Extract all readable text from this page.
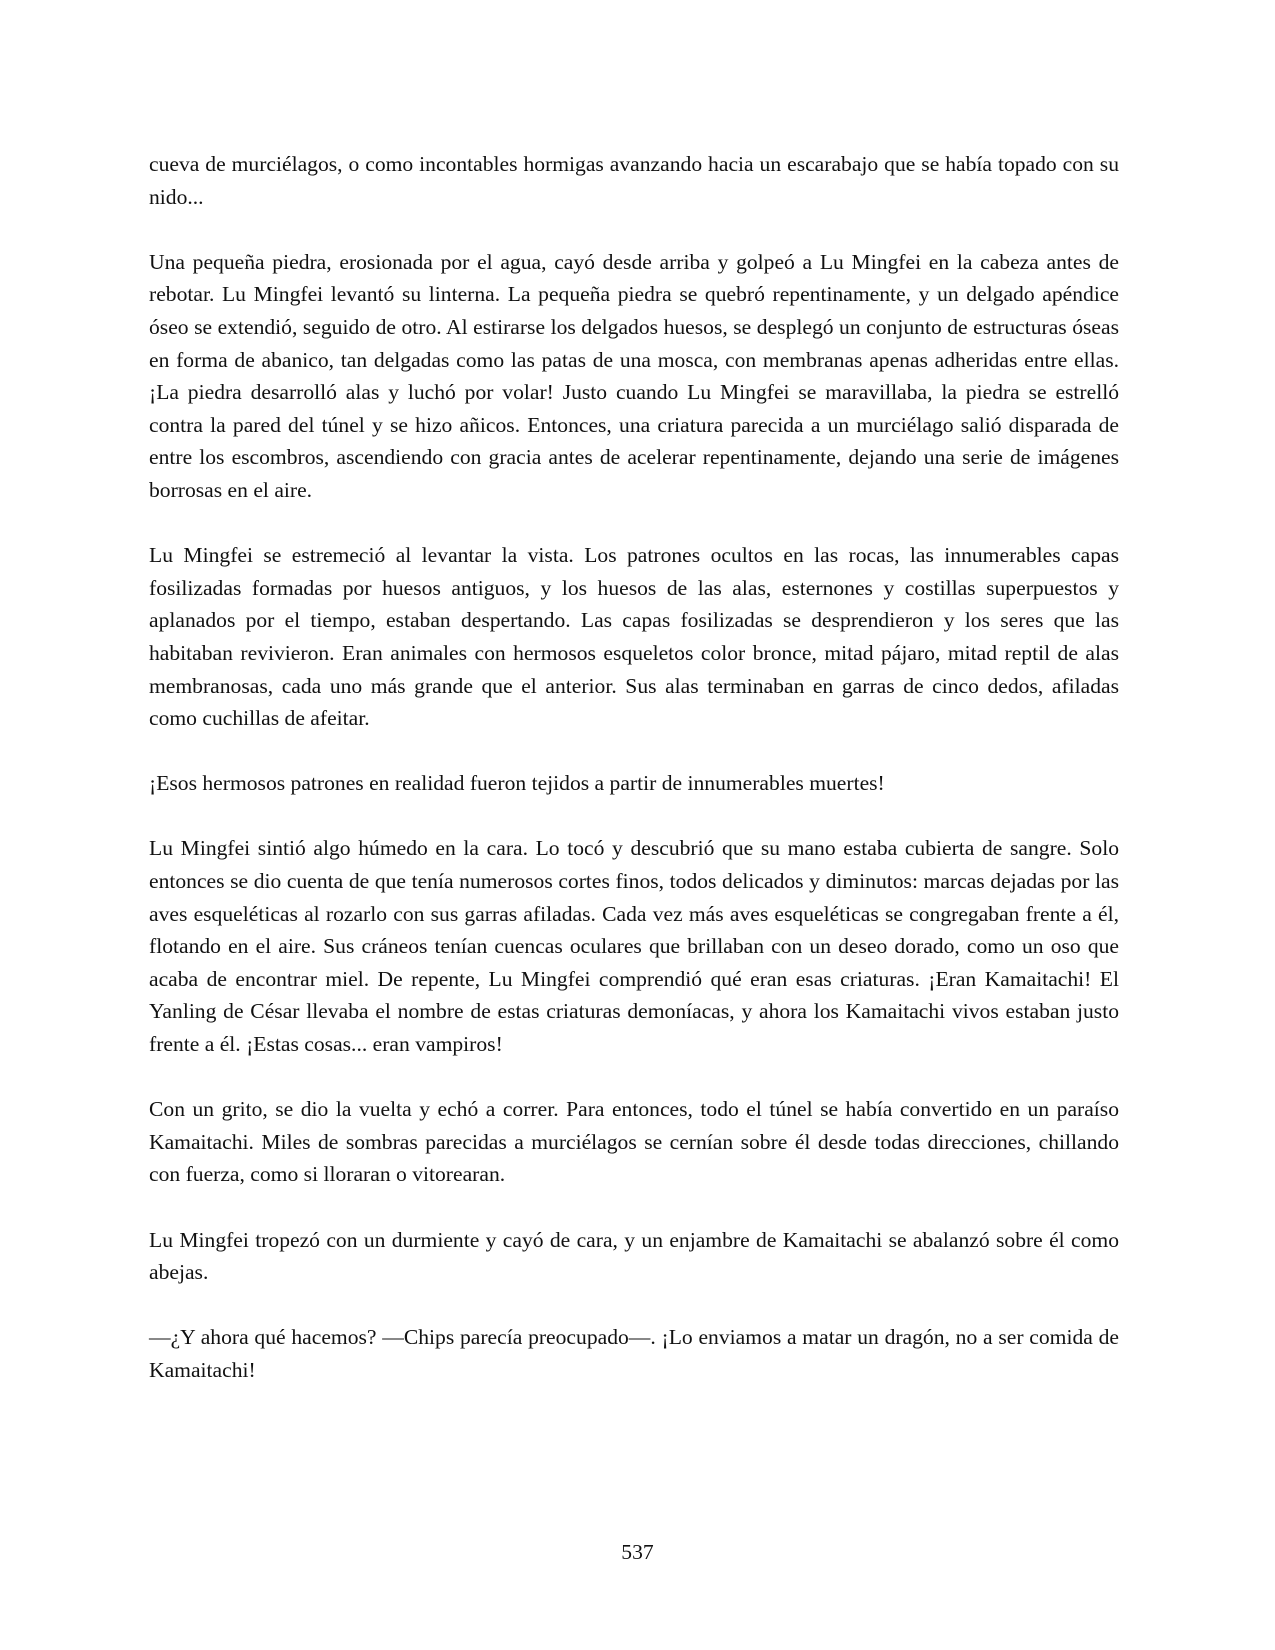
cueva de murciélagos, o como incontables hormigas avanzando hacia un escarabajo que se había topado con su nido...

Una pequeña piedra, erosionada por el agua, cayó desde arriba y golpeó a Lu Mingfei en la cabeza antes de rebotar. Lu Mingfei levantó su linterna. La pequeña piedra se quebró repentinamente, y un delgado apéndice óseo se extendió, seguido de otro. Al estirarse los delgados huesos, se desplegó un conjunto de estructuras óseas en forma de abanico, tan delgadas como las patas de una mosca, con membranas apenas adheridas entre ellas. ¡La piedra desarrolló alas y luchó por volar! Justo cuando Lu Mingfei se maravillaba, la piedra se estrelló contra la pared del túnel y se hizo añicos. Entonces, una criatura parecida a un murciélago salió disparada de entre los escombros, ascendiendo con gracia antes de acelerar repentinamente, dejando una serie de imágenes borrosas en el aire.

Lu Mingfei se estremeció al levantar la vista. Los patrones ocultos en las rocas, las innumerables capas fosilizadas formadas por huesos antiguos, y los huesos de las alas, esternones y costillas superpuestos y aplanados por el tiempo, estaban despertando. Las capas fosilizadas se desprendieron y los seres que las habitaban revivieron. Eran animales con hermosos esqueletos color bronce, mitad pájaro, mitad reptil de alas membranosas, cada uno más grande que el anterior. Sus alas terminaban en garras de cinco dedos, afiladas como cuchillas de afeitar.

¡Esos hermosos patrones en realidad fueron tejidos a partir de innumerables muertes!

Lu Mingfei sintió algo húmedo en la cara. Lo tocó y descubrió que su mano estaba cubierta de sangre. Solo entonces se dio cuenta de que tenía numerosos cortes finos, todos delicados y diminutos: marcas dejadas por las aves esqueléticas al rozarlo con sus garras afiladas. Cada vez más aves esqueléticas se congregaban frente a él, flotando en el aire. Sus cráneos tenían cuencas oculares que brillaban con un deseo dorado, como un oso que acaba de encontrar miel. De repente, Lu Mingfei comprendió qué eran esas criaturas. ¡Eran Kamaitachi! El Yanling de César llevaba el nombre de estas criaturas demoníacas, y ahora los Kamaitachi vivos estaban justo frente a él. ¡Estas cosas... eran vampiros!

Con un grito, se dio la vuelta y echó a correr. Para entonces, todo el túnel se había convertido en un paraíso Kamaitachi. Miles de sombras parecidas a murciélagos se cernían sobre él desde todas direcciones, chillando con fuerza, como si lloraran o vitorearan.

Lu Mingfei tropezó con un durmiente y cayó de cara, y un enjambre de Kamaitachi se abalanzó sobre él como abejas.

—¿Y ahora qué hacemos? —Chips parecía preocupado—. ¡Lo enviamos a matar un dragón, no a ser comida de Kamaitachi!

537
